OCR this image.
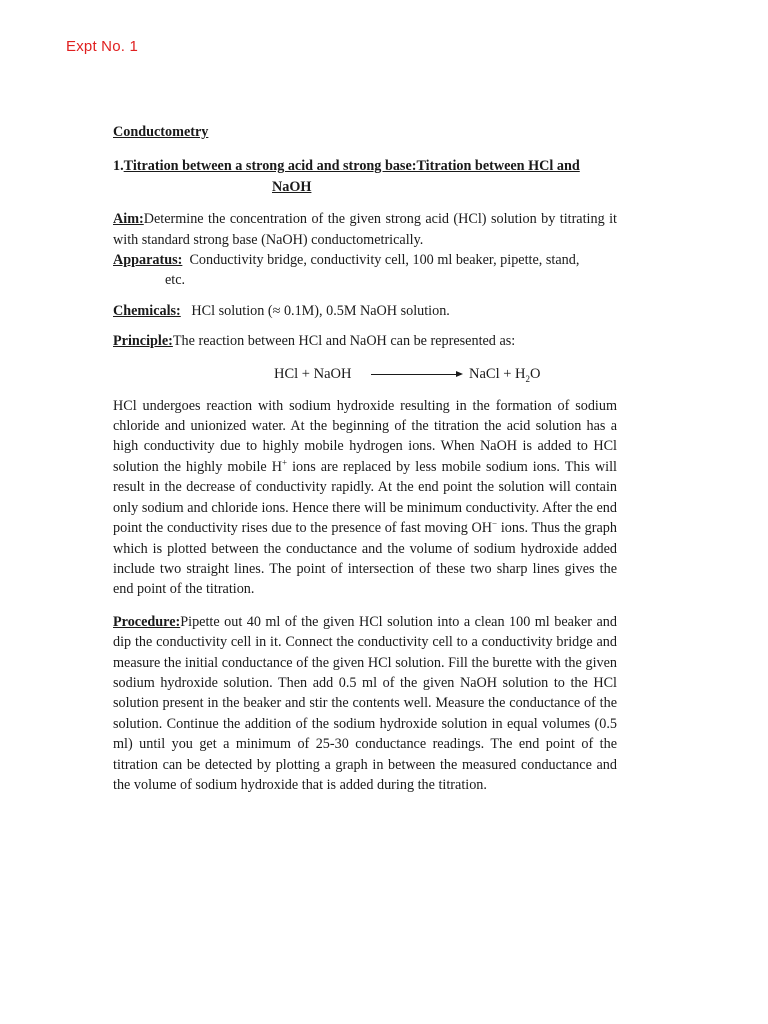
Expt No. 1
Conductometry
1.Titration between a strong acid and strong base:Titration between HCl and
NaOH

Aim:Determine the concentration of the given strong acid (HCl) solution by titrating it with standard strong base (NaOH) conductometrically.

Apparatus: Conductivity bridge, conductivity cell, 100 ml beaker, pipette, stand,
etc.

Chemicals: HCl solution (≈ 0.1M), 0.5M NaOH solution.

Principle:The reaction between HCl and NaOH can be represented as:

HCl + NaOH	NaCl + $H_2O$

HCl undergoes reaction with sodium hydroxide resulting in the formation of sodium chloride and unionized water. At the beginning of the titration the acid solution has a high conductivity due to highly mobile hydrogen ions. When NaOH is added to HCl solution the highly mobile H+ ions are replaced by less mobile sodium ions. This will result in the decrease of conductivity rapidly. At the end point the solution will contain only sodium and chloride ions. Hence there will be minimum conductivity. After the end point the conductivity rises due to the presence of fast moving OH− ions. Thus the graph which is plotted between the conductance and the volume of sodium hydroxide added include two straight lines. The point of intersection of these two sharp lines gives the end point of the titration.

Procedure:Pipette out 40 ml of the given HCl solution into a clean 100 ml beaker and dip the conductivity cell in it. Connect the conductivity cell to a conductivity bridge and measure the initial conductance of the given HCl solution. Fill the burette with the given sodium hydroxide solution. Then add 0.5 ml of the given NaOH solution to the HCl solution present in the beaker and stir the contents well. Measure the conductance of the solution. Continue the addition of the sodium hydroxide solution in equal volumes (0.5 ml) until you get a minimum of 25-30 conductance readings. The end point of the titration can be detected by plotting a graph in between the measured conductance and the volume of sodium hydroxide that is added during the titration.
